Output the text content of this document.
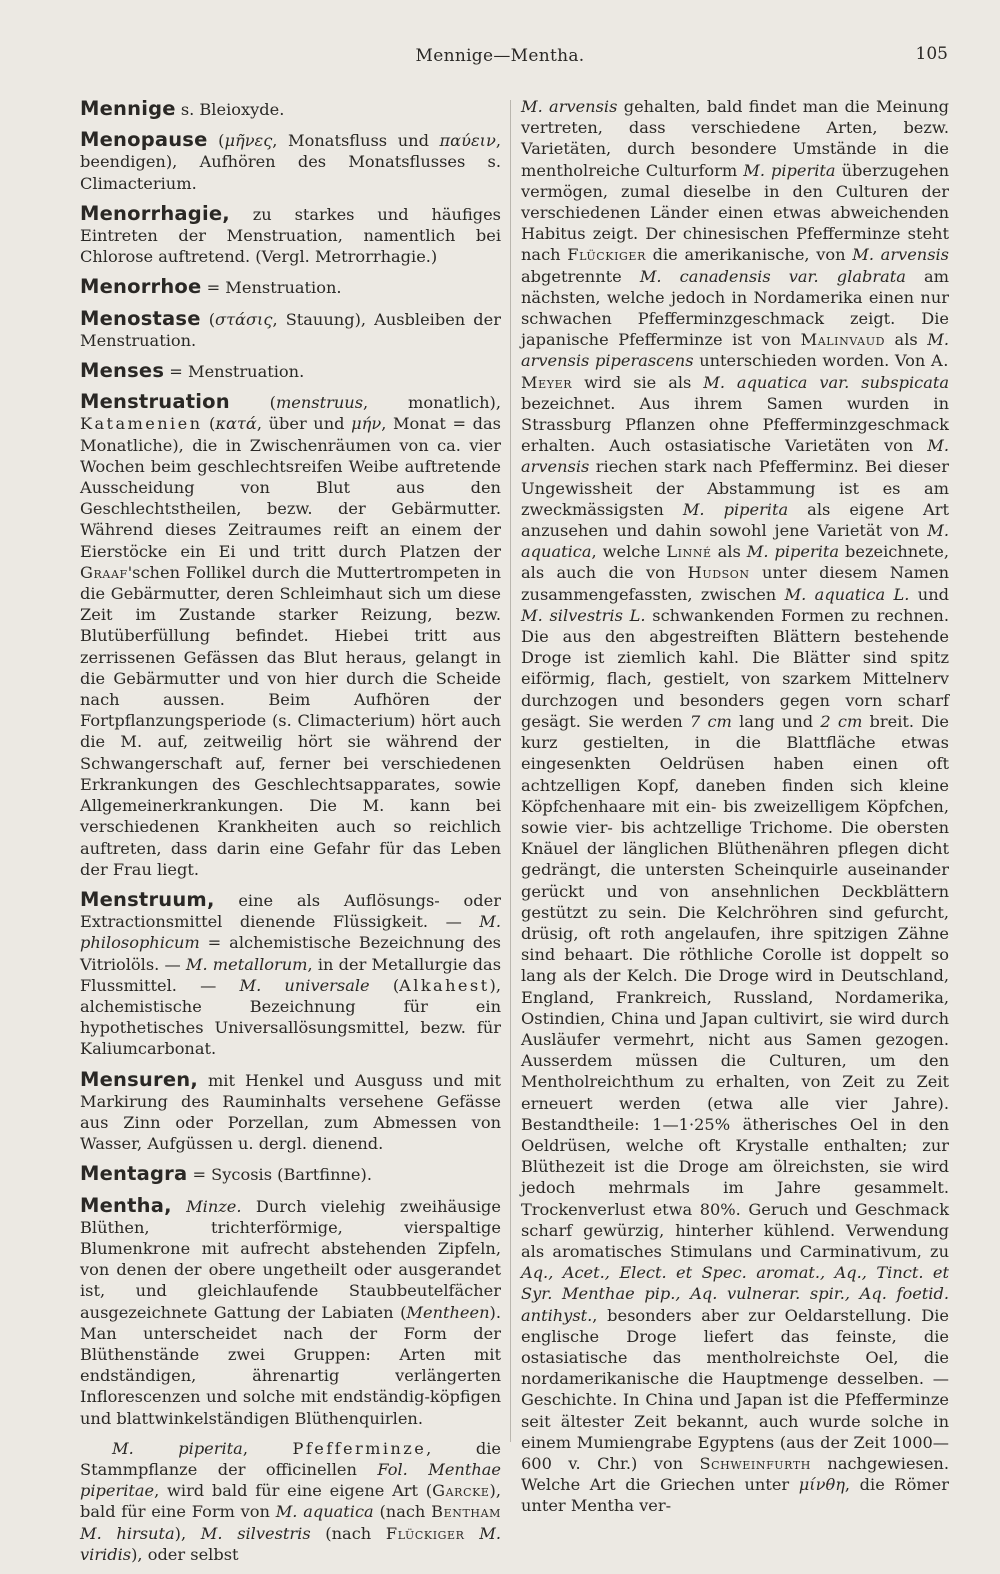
Mennige—Mentha.	105

Mennige s. Bleioxyde.

Menopause (μῆνες, Monatsfluss und παύειν, beendigen), Aufhören des Monatsflusses s. Climacterium.

Menorrhagie, zu starkes und häufiges Eintreten der Menstruation, namentlich bei Chlorose auftretend. (Vergl. Metrorrhagie.)

Menorrhoe = Menstruation.

Menostase (στάσις, Stauung), Ausbleiben der Menstruation.

Menses = Menstruation.

Menstruation (menstruus, monatlich), Katamenien (κατά, über und μήν, Monat = das Monatliche), die in Zwischenräumen von ca. vier Wochen beim geschlechtsreifen Weibe auftretende Ausscheidung von Blut aus den Geschlechtstheilen, bezw. der Gebärmutter. Während dieses Zeitraumes reift an einem der Eierstöcke ein Ei und tritt durch Platzen der Graaf'schen Follikel durch die Muttertrompeten in die Gebärmutter, deren Schleimhaut sich um diese Zeit im Zustande starker Reizung, bezw. Blutüberfüllung befindet. Hiebei tritt aus zerrissenen Gefässen das Blut heraus, gelangt in die Gebärmutter und von hier durch die Scheide nach aussen. Beim Aufhören der Fortpflanzungsperiode (s. Climacterium) hört auch die M. auf, zeitweilig hört sie während der Schwangerschaft auf, ferner bei verschiedenen Erkrankungen des Geschlechtsapparates, sowie Allgemeinerkrankungen. Die M. kann bei verschiedenen Krankheiten auch so reichlich auftreten, dass darin eine Gefahr für das Leben der Frau liegt.

Menstruum, eine als Auflösungs- oder Extractionsmittel dienende Flüssigkeit. — M. philosophicum = alchemistische Bezeichnung des Vitriolöls. — M. metallorum, in der Metallurgie das Flussmittel. — M. universale (Alkahest), alchemistische Bezeichnung für ein hypothetisches Universallösungsmittel, bezw. für Kaliumcarbonat.

Mensuren, mit Henkel und Ausguss und mit Markirung des Rauminhalts versehene Gefässe aus Zinn oder Porzellan, zum Abmessen von Wasser, Aufgüssen u. dergl. dienend.

Mentagra = Sycosis (Bartfinne).

Mentha, Minze. Durch vielehig zweihäusige Blüthen, trichterförmige, vierspaltige Blumenkrone mit aufrecht abstehenden Zipfeln, von denen der obere ungetheilt oder ausgerandet ist, und gleichlaufende Staubbeutelfächer ausgezeichnete Gattung der Labiaten (Mentheen). Man unterscheidet nach der Form der Blüthenstände zwei Gruppen: Arten mit endständigen, ährenartig verlängerten Inflorescenzen und solche mit endständig-köpfigen und blattwinkelständigen Blüthenquirlen.

M. piperita, Pfefferminze, die Stammpflanze der officinellen Fol. Menthae piperitae, wird bald für eine eigene Art (Garcke), bald für eine Form von M. aquatica (nach Bentham M. hirsuta), M. silvestris (nach Flückiger M. viridis), oder selbst

M. arvensis gehalten, bald findet man die Meinung vertreten, dass verschiedene Arten, bezw. Varietäten, durch besondere Umstände in die mentholreiche Culturform M. piperita überzugehen vermögen, zumal dieselbe in den Culturen der verschiedenen Länder einen etwas abweichenden Habitus zeigt. Der chinesischen Pfefferminze steht nach Flückiger die amerikanische, von M. arvensis abgetrennte M. canadensis var. glabrata am nächsten, welche jedoch in Nordamerika einen nur schwachen Pfefferminzgeschmack zeigt. Die japanische Pfefferminze ist von Malinvaud als M. arvensis piperascens unterschieden worden. Von A. Meyer wird sie als M. aquatica var. subspicata bezeichnet. Aus ihrem Samen wurden in Strassburg Pflanzen ohne Pfefferminzgeschmack erhalten. Auch ostasiatische Varietäten von M. arvensis riechen stark nach Pfefferminz. Bei dieser Ungewissheit der Abstammung ist es am zweckmässigsten M. piperita als eigene Art anzusehen und dahin sowohl jene Varietät von M. aquatica, welche Linné als M. piperita bezeichnete, als auch die von Hudson unter diesem Namen zusammengefassten, zwischen M. aquatica L. und M. silvestris L. schwankenden Formen zu rechnen. Die aus den abgestreiften Blättern bestehende Droge ist ziemlich kahl. Die Blätter sind spitz eiförmig, flach, gestielt, von szarkem Mittelnerv durchzogen und besonders gegen vorn scharf gesägt. Sie werden 7 cm lang und 2 cm breit. Die kurz gestielten, in die Blattfläche etwas eingesenkten Oeldrüsen haben einen oft achtzelligen Kopf, daneben finden sich kleine Köpfchenhaare mit ein- bis zweizelligem Köpfchen, sowie vier- bis achtzellige Trichome. Die obersten Knäuel der länglichen Blüthenähren pflegen dicht gedrängt, die untersten Scheinquirle auseinander gerückt und von ansehnlichen Deckblättern gestützt zu sein. Die Kelchröhren sind gefurcht, drüsig, oft roth angelaufen, ihre spitzigen Zähne sind behaart. Die röthliche Corolle ist doppelt so lang als der Kelch. Die Droge wird in Deutschland, England, Frankreich, Russland, Nordamerika, Ostindien, China und Japan cultivirt, sie wird durch Ausläufer vermehrt, nicht aus Samen gezogen. Ausserdem müssen die Culturen, um den Mentholreichthum zu erhalten, von Zeit zu Zeit erneuert werden (etwa alle vier Jahre). Bestandtheile: 1—1·25% ätherisches Oel in den Oeldrüsen, welche oft Krystalle enthalten; zur Blüthezeit ist die Droge am ölreichsten, sie wird jedoch mehrmals im Jahre gesammelt. Trockenverlust etwa 80%. Geruch und Geschmack scharf gewürzig, hinterher kühlend. Verwendung als aromatisches Stimulans und Carminativum, zu Aq., Acet., Elect. et Spec. aromat., Aq., Tinct. et Syr. Menthae pip., Aq. vulnerar. spir., Aq. foetid. antihyst., besonders aber zur Oeldarstellung. Die englische Droge liefert das feinste, die ostasiatische das mentholreichste Oel, die nordamerikanische die Hauptmenge desselben. — Geschichte. In China und Japan ist die Pfefferminze seit ältester Zeit bekannt, auch wurde solche in einem Mumiengrabe Egyptens (aus der Zeit 1000—600 v. Chr.) von Schweinfurth nachgewiesen. Welche Art die Griechen unter μίνθη, die Römer unter Mentha ver-
